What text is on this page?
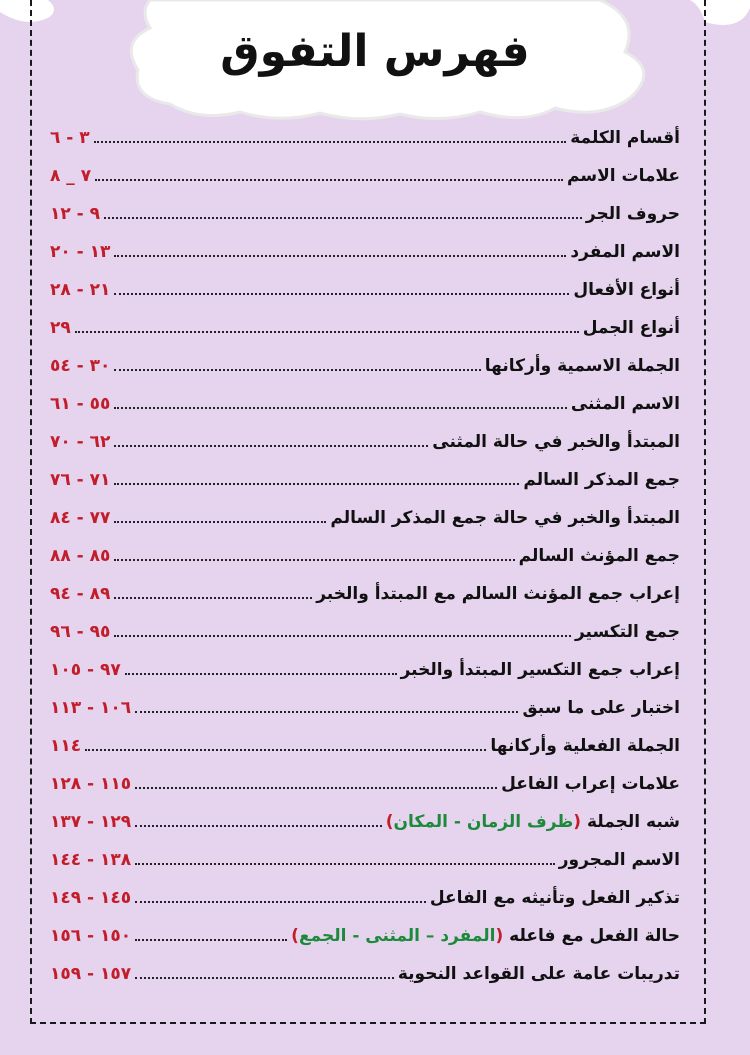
فهرس التفوق
أقسام الكلمة
٣ - ٦
علامات الاسم
٧ _ ٨
حروف الجر
٩ - ١٢
الاسم المفرد
١٣ - ٢٠
أنواع الأفعال
٢١ - ٢٨
أنواع الجمل
٢٩
الجملة الاسمية وأركانها
٣٠ - ٥٤
الاسم المثنى
٥٥ - ٦١
المبتدأ والخبر في حالة المثنى
٦٢ - ٧٠
جمع المذكر السالم
٧١ - ٧٦
المبتدأ والخبر في حالة جمع المذكر السالم
٧٧ - ٨٤
جمع المؤنث السالم
٨٥ - ٨٨
إعراب جمع المؤنث السالم مع المبتدأ والخبر
٨٩ - ٩٤
جمع التكسير
٩٥ - ٩٦
إعراب جمع التكسير المبتدأ والخبر
٩٧ - ١٠٥
اختبار على ما سبق
١٠٦ - ١١٣
الجملة الفعلية وأركانها
١١٤
علامات إعراب الفاعل
١١٥ - ١٢٨
شبه الجملة (ظرف الزمان - المكان)
١٢٩ - ١٣٧
الاسم المجرور
١٣٨ - ١٤٤
تذكير الفعل وتأنيثه مع الفاعل
١٤٥ - ١٤٩
حالة الفعل مع فاعله (المفرد – المثنى - الجمع)
١٥٠ - ١٥٦
تدريبات عامة على القواعد النحوية
١٥٧ - ١٥٩
